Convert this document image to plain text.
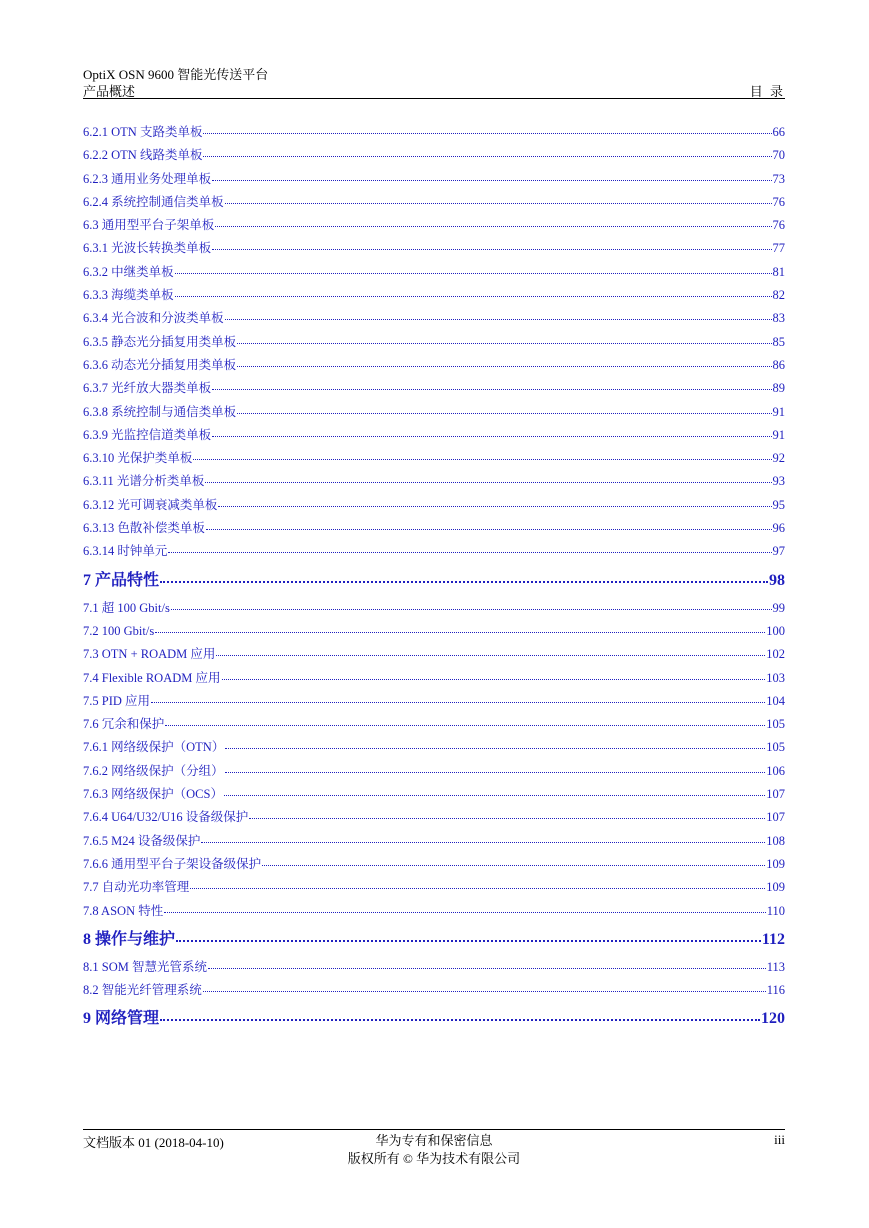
OptiX OSN 9600 智能光传送平台
产品概述	目 录
6.2.1 OTN 支路类单板	66
6.2.2 OTN 线路类单板	70
6.2.3 通用业务处理单板	73
6.2.4 系统控制通信类单板	76
6.3 通用型平台子架单板	76
6.3.1 光波长转换类单板	77
6.3.2 中继类单板	81
6.3.3 海缆类单板	82
6.3.4 光合波和分波类单板	83
6.3.5 静态光分插复用类单板	85
6.3.6 动态光分插复用类单板	86
6.3.7 光纤放大器类单板	89
6.3.8 系统控制与通信类单板	91
6.3.9 光监控信道类单板	91
6.3.10 光保护类单板	92
6.3.11 光谱分析类单板	93
6.3.12 光可调衰减类单板	95
6.3.13 色散补偿类单板	96
6.3.14 时钟单元	97
7 产品特性	98
7.1 超 100 Gbit/s	99
7.2 100 Gbit/s	100
7.3 OTN + ROADM 应用	102
7.4 Flexible ROADM 应用	103
7.5 PID 应用	104
7.6 冗余和保护	105
7.6.1 网络级保护（OTN）	105
7.6.2 网络级保护（分组）	106
7.6.3 网络级保护（OCS）	107
7.6.4 U64/U32/U16 设备级保护	107
7.6.5 M24 设备级保护	108
7.6.6 通用型平台子架设备级保护	109
7.7 自动光功率管理	109
7.8 ASON 特性	110
8 操作与维护	112
8.1 SOM 智慧光管系统	113
8.2 智能光纤管理系统	116
9 网络管理	120
文档版本 01 (2018-04-10)	华为专有和保密信息
版权所有 © 华为技术有限公司
iii
